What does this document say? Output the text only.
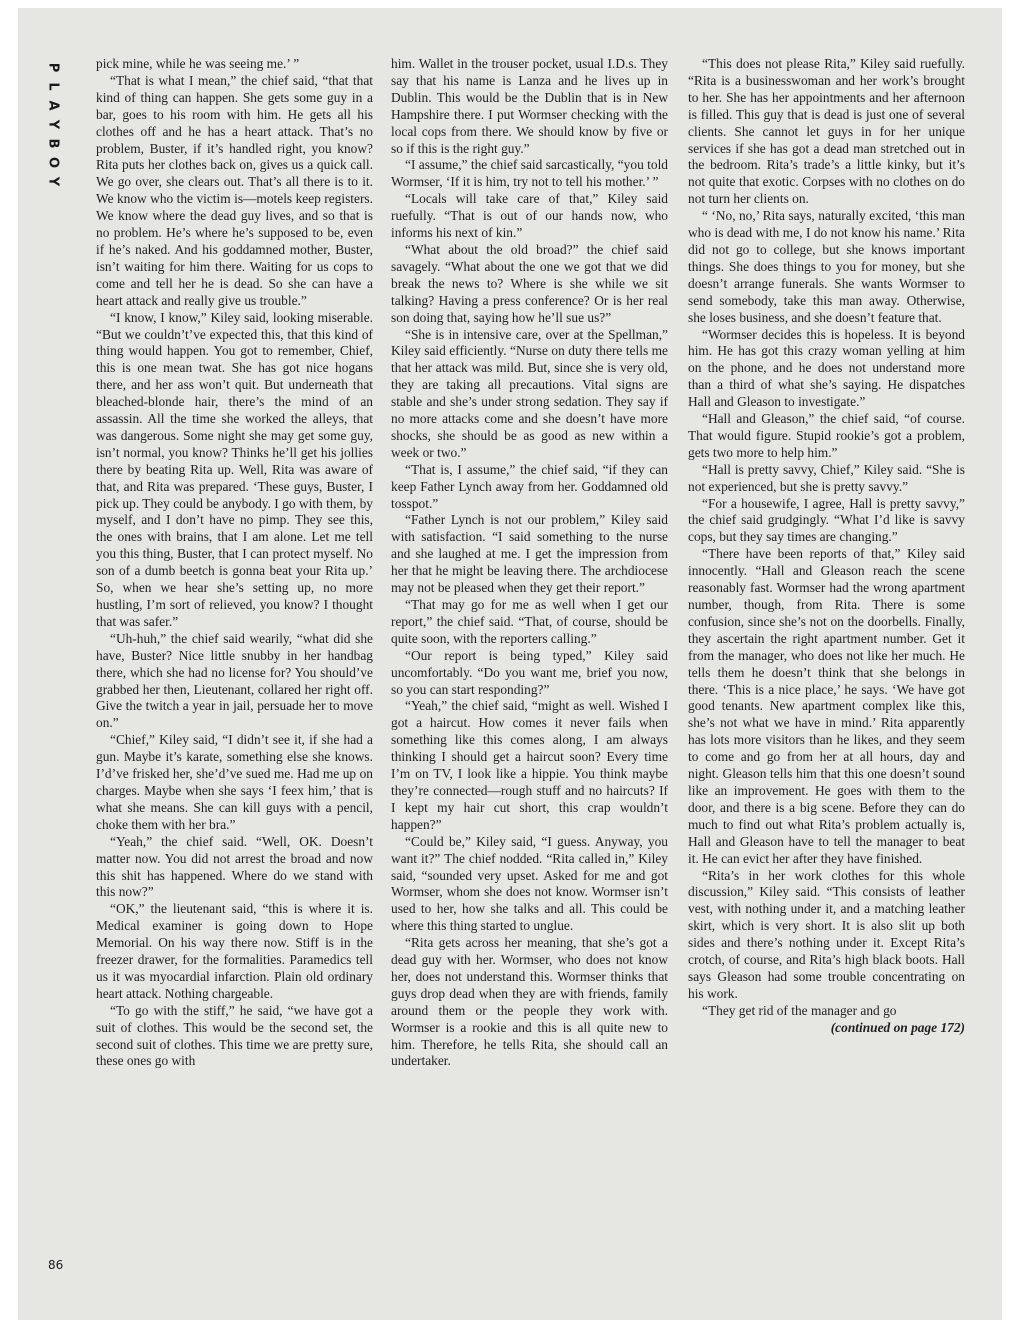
P
L
A
Y
B
O
Y
86

pick mine, while he was seeing me.’ ”

“That is what I mean,” the chief said, “that that kind of thing can happen. She gets some guy in a bar, goes to his room with him. He gets all his clothes off and he has a heart attack. That’s no problem, Buster, if it’s handled right, you know? Rita puts her clothes back on, gives us a quick call. We go over, she clears out. That’s all there is to it. We know who the victim is—motels keep registers. We know where the dead guy lives, and so that is no problem. He’s where he’s supposed to be, even if he’s naked. And his goddamned mother, Buster, isn’t waiting for him there. Waiting for us cops to come and tell her he is dead. So she can have a heart attack and really give us trouble.”

“I know, I know,” Kiley said, looking miserable. “But we couldn’t’ve expected this, that this kind of thing would happen. You got to remember, Chief, this is one mean twat. She has got nice hogans there, and her ass won’t quit. But underneath that bleached-blonde hair, there’s the mind of an assassin. All the time she worked the alleys, that was dangerous. Some night she may get some guy, isn’t normal, you know? Thinks he’ll get his jollies there by beating Rita up. Well, Rita was aware of that, and Rita was prepared. ‘These guys, Buster, I pick up. They could be anybody. I go with them, by myself, and I don’t have no pimp. They see this, the ones with brains, that I am alone. Let me tell you this thing, Buster, that I can protect myself. No son of a dumb beetch is gonna beat your Rita up.’ So, when we hear she’s setting up, no more hustling, I’m sort of relieved, you know? I thought that was safer.”

“Uh-huh,” the chief said wearily, “what did she have, Buster? Nice little snubby in her handbag there, which she had no license for? You should’ve grabbed her then, Lieutenant, collared her right off. Give the twitch a year in jail, persuade her to move on.”

“Chief,” Kiley said, “I didn’t see it, if she had a gun. Maybe it’s karate, something else she knows. I’d’ve frisked her, she’d’ve sued me. Had me up on charges. Maybe when she says ‘I feex him,’ that is what she means. She can kill guys with a pencil, choke them with her bra.”

“Yeah,” the chief said. “Well, OK. Doesn’t matter now. You did not arrest the broad and now this shit has happened. Where do we stand with this now?”

“OK,” the lieutenant said, “this is where it is. Medical examiner is going down to Hope Memorial. On his way there now. Stiff is in the freezer drawer, for the formalities. Paramedics tell us it was myocardial infarction. Plain old ordinary heart attack. Nothing chargeable.

“To go with the stiff,” he said, “we have got a suit of clothes. This would be the second set, the second suit of clothes. This time we are pretty sure, these ones go with

him. Wallet in the trouser pocket, usual I.D.s. They say that his name is Lanza and he lives up in Dublin. This would be the Dublin that is in New Hampshire there. I put Wormser checking with the local cops from there. We should know by five or so if this is the right guy.”

“I assume,” the chief said sarcastically, “you told Wormser, ‘If it is him, try not to tell his mother.’ ”

“Locals will take care of that,” Kiley said ruefully. “That is out of our hands now, who informs his next of kin.”

“What about the old broad?” the chief said savagely. “What about the one we got that we did break the news to? Where is she while we sit talking? Having a press conference? Or is her real son doing that, saying how he’ll sue us?”

“She is in intensive care, over at the Spellman,” Kiley said efficiently. “Nurse on duty there tells me that her attack was mild. But, since she is very old, they are taking all precautions. Vital signs are stable and she’s under strong sedation. They say if no more attacks come and she doesn’t have more shocks, she should be as good as new within a week or two.”

“That is, I assume,” the chief said, “if they can keep Father Lynch away from her. Goddamned old tosspot.”

“Father Lynch is not our problem,” Kiley said with satisfaction. “I said something to the nurse and she laughed at me. I get the impression from her that he might be leaving there. The archdiocese may not be pleased when they get their report.”

“That may go for me as well when I get our report,” the chief said. “That, of course, should be quite soon, with the reporters calling.”

“Our report is being typed,” Kiley said uncomfortably. “Do you want me, brief you now, so you can start responding?”

“Yeah,” the chief said, “might as well. Wished I got a haircut. How comes it never fails when something like this comes along, I am always thinking I should get a haircut soon? Every time I’m on TV, I look like a hippie. You think maybe they’re connected—rough stuff and no haircuts? If I kept my hair cut short, this crap wouldn’t happen?”

“Could be,” Kiley said, “I guess. Anyway, you want it?” The chief nodded. “Rita called in,” Kiley said, “sounded very upset. Asked for me and got Wormser, whom she does not know. Wormser isn’t used to her, how she talks and all. This could be where this thing started to unglue.

“Rita gets across her meaning, that she’s got a dead guy with her. Wormser, who does not know her, does not understand this. Wormser thinks that guys drop dead when they are with friends, family around them or the people they work with. Wormser is a rookie and this is all quite new to him. Therefore, he tells Rita, she should call an undertaker.

“This does not please Rita,” Kiley said ruefully. “Rita is a businesswoman and her work’s brought to her. She has her appointments and her afternoon is filled. This guy that is dead is just one of several clients. She cannot let guys in for her unique services if she has got a dead man stretched out in the bedroom. Rita’s trade’s a little kinky, but it’s not quite that exotic. Corpses with no clothes on do not turn her clients on.

“ ‘No, no,’ Rita says, naturally excited, ‘this man who is dead with me, I do not know his name.’ Rita did not go to college, but she knows important things. She does things to you for money, but she doesn’t arrange funerals. She wants Wormser to send somebody, take this man away. Otherwise, she loses business, and she doesn’t feature that.

“Wormser decides this is hopeless. It is beyond him. He has got this crazy woman yelling at him on the phone, and he does not understand more than a third of what she’s saying. He dispatches Hall and Gleason to investigate.”

“Hall and Gleason,” the chief said, “of course. That would figure. Stupid rookie’s got a problem, gets two more to help him.”

“Hall is pretty savvy, Chief,” Kiley said. “She is not experienced, but she is pretty savvy.”

“For a housewife, I agree, Hall is pretty savvy,” the chief said grudgingly. “What I’d like is savvy cops, but they say times are changing.”

“There have been reports of that,” Kiley said innocently. “Hall and Gleason reach the scene reasonably fast. Wormser had the wrong apartment number, though, from Rita. There is some confusion, since she’s not on the doorbells. Finally, they ascertain the right apartment number. Get it from the manager, who does not like her much. He tells them he doesn’t think that she belongs in there. ‘This is a nice place,’ he says. ‘We have got good tenants. New apartment complex like this, she’s not what we have in mind.’ Rita apparently has lots more visitors than he likes, and they seem to come and go from her at all hours, day and night. Gleason tells him that this one doesn’t sound like an improvement. He goes with them to the door, and there is a big scene. Before they can do much to find out what Rita’s problem actually is, Hall and Gleason have to tell the manager to beat it. He can evict her after they have finished.

“Rita’s in her work clothes for this whole discussion,” Kiley said. “This consists of leather vest, with nothing under it, and a matching leather skirt, which is very short. It is also slit up both sides and there’s nothing under it. Except Rita’s crotch, of course, and Rita’s high black boots. Hall says Gleason had some trouble concentrating on his work.

“They get rid of the manager and go

(continued on page 172)
